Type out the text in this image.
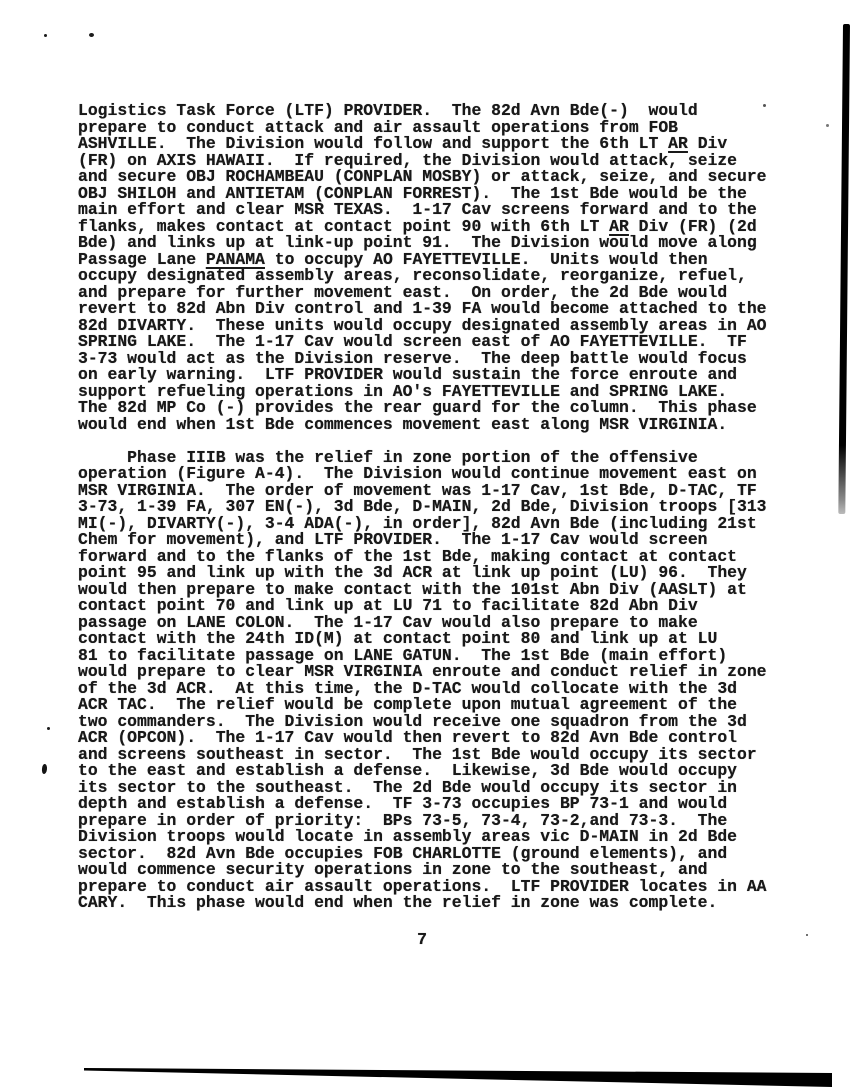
Logistics Task Force (LTF) PROVIDER.  The 82d Avn Bde(-)  would
prepare to conduct attack and air assault operations from FOB
ASHVILLE.  The Division would follow and support the 6th LT AR Div
(FR) on AXIS HAWAII.  If required, the Division would attack, seize
and secure OBJ ROCHAMBEAU (CONPLAN MOSBY) or attack, seize, and secure
OBJ SHILOH and ANTIETAM (CONPLAN FORREST).  The 1st Bde would be the
main effort and clear MSR TEXAS.  1-17 Cav screens forward and to the
flanks, makes contact at contact point 90 with 6th LT AR Div (FR) (2d
Bde) and links up at link-up point 91.  The Division would move along
Passage Lane PANAMA to occupy AO FAYETTEVILLE.  Units would then
occupy designated assembly areas, reconsolidate, reorganize, refuel,
and prepare for further movement east.  On order, the 2d Bde would
revert to 82d Abn Div control and 1-39 FA would become attached to the
82d DIVARTY.  These units would occupy designated assembly areas in AO
SPRING LAKE.  The 1-17 Cav would screen east of AO FAYETTEVILLE.  TF
3-73 would act as the Division reserve.  The deep battle would focus
on early warning.  LTF PROVIDER would sustain the force enroute and
support refueling operations in AO's FAYETTEVILLE and SPRING LAKE.
The 82d MP Co (-) provides the rear guard for the column.  This phase
would end when 1st Bde commences movement east along MSR VIRGINIA.
Phase IIIB was the relief in zone portion of the offensive
operation (Figure A-4).  The Division would continue movement east on
MSR VIRGINIA.  The order of movement was 1-17 Cav, 1st Bde, D-TAC, TF
3-73, 1-39 FA, 307 EN(-), 3d Bde, D-MAIN, 2d Bde, Division troops [313
MI(-), DIVARTY(-), 3-4 ADA(-), in order], 82d Avn Bde (including 21st
Chem for movement), and LTF PROVIDER.  The 1-17 Cav would screen
forward and to the flanks of the 1st Bde, making contact at contact
point 95 and link up with the 3d ACR at link up point (LU) 96.  They
would then prepare to make contact with the 101st Abn Div (AASLT) at
contact point 70 and link up at LU 71 to facilitate 82d Abn Div
passage on LANE COLON.  The 1-17 Cav would also prepare to make
contact with the 24th ID(M) at contact point 80 and link up at LU
81 to facilitate passage on LANE GATUN.  The 1st Bde (main effort)
would prepare to clear MSR VIRGINIA enroute and conduct relief in zone
of the 3d ACR.  At this time, the D-TAC would collocate with the 3d
ACR TAC.  The relief would be complete upon mutual agreement of the
two commanders.  The Division would receive one squadron from the 3d
ACR (OPCON).  The 1-17 Cav would then revert to 82d Avn Bde control
and screens southeast in sector.  The 1st Bde would occupy its sector
to the east and establish a defense.  Likewise, 3d Bde would occupy
its sector to the southeast.  The 2d Bde would occupy its sector in
depth and establish a defense.  TF 3-73 occupies BP 73-1 and would
prepare in order of priority:  BPs 73-5, 73-4, 73-2,and 73-3.  The
Division troops would locate in assembly areas vic D-MAIN in 2d Bde
sector.  82d Avn Bde occupies FOB CHARLOTTE (ground elements), and
would commence security operations in zone to the southeast, and
prepare to conduct air assault operations.  LTF PROVIDER locates in AA
CARY.  This phase would end when the relief in zone was complete.
7
